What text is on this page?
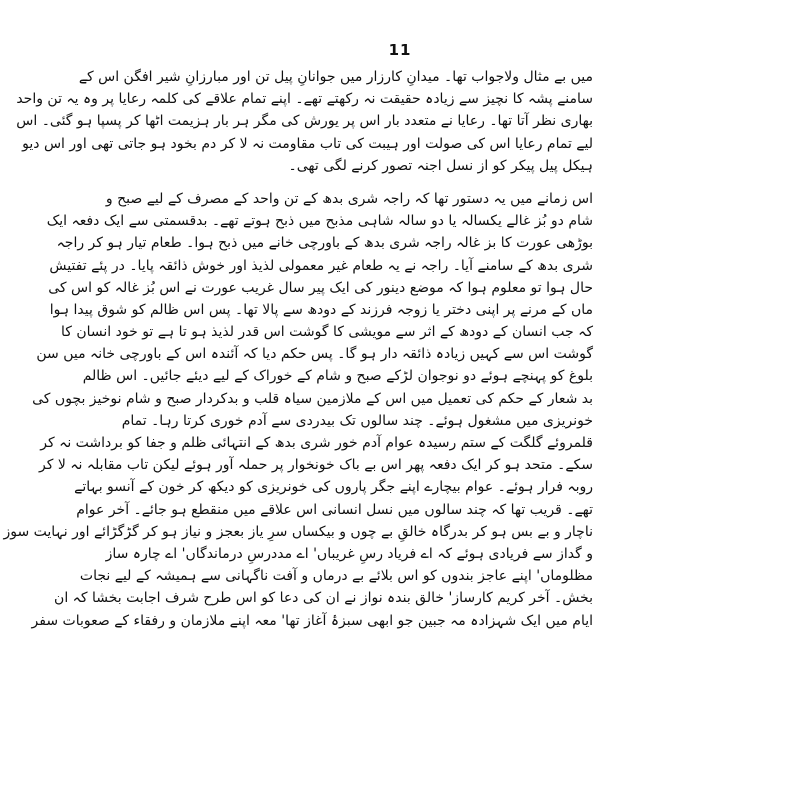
11
میں بے مثال ولاجواب تھا۔ میدانِ کارزار میں جوانانِ پیل تن اور مبارزانِ شیر افگن اس کے
سامنے پشہ کا نچیز سے زیادہ حقیقت نہ رکھتے تھے۔ اپنے تمام علاقے کی کلمہ رعایا پر وہ یہ تن واحد
بھاری نظر آتا تھا۔ رعایا نے متعدد بار اس پر یورش کی مگر ہر بار ہزیمت اٹھا کر پسپا ہو گئی۔ اس
لیے تمام رعایا اس کی صولت اور ہیبت کی تاب مقاومت نہ لا کر دم بخود ہو جاتی تھی اور اس دیو
ہیکل پیل پیکر کو از نسل اجنہ تصور کرنے لگی تھی۔
اس زمانے میں یہ دستور تھا کہ راجہ شری بدھ کے تن واحد کے مصرف کے لیے صبح و
شام دو بُز غالے یکسالہ یا دو سالہ شاہی مذبح میں ذبح ہوتے تھے۔ بدقسمتی سے ایک دفعہ ایک
بوڑھی عورت کا بز غالہ راجہ شری بدھ کے باورچی خانے میں ذبح ہوا۔ طعام تیار ہو کر راجہ
شری بدھ کے سامنے آیا۔ راجہ نے یہ طعام غیر معمولی لذیذ اور خوش ذائقہ پایا۔ در پئے تفتیش
حال ہوا تو معلوم ہوا کہ موضع دینور کی ایک پیر سال غریب عورت نے اس بُز غالہ کو اس کی
ماں کے مرنے پر اپنی دختر یا زوجہ فرزند کے دودھ سے پالا تھا۔ پس اس ظالم کو شوق پیدا ہوا
کہ جب انسان کے دودھ کے اثر سے مویشی کا گوشت اس قدر لذیذ ہو تا ہے تو خود انسان کا
گوشت اس سے کہیں زیادہ ذائقہ دار ہو گا۔ پس حکم دیا کہ آئندہ اس کے باورچی خانہ میں سن
بلوغ کو پہنچے ہوئے دو نوجوان لڑکے صبح و شام کے خوراک کے لیے دیئے جائیں۔ اس ظالم
بد شعار کے حکم کی تعمیل میں اس کے ملازمین سیاہ قلب و بدکردار صبح و شام نوخیز بچوں کی
خونریزی میں مشغول ہوئے۔ چند سالوں تک بیدردی سے آدم خوری کرتا رہا۔ تمام
قلمروئے گلگت کے ستم رسیدہ عوام آدم خور شری بدھ کے انتہائی ظلم و جفا کو برداشت نہ کر
سکے۔ متحد ہو کر ایک دفعہ پھر اس بے باک خونخوار پر حملہ آور ہوئے لیکن تاب مقابلہ نہ لا کر
روبہ فرار ہوئے۔ عوام بیچارے اپنے جگر پاروں کی خونریزی کو دیکھ کر خون کے آنسو بہاتے
تھے۔ قریب تھا کہ چند سالوں میں نسل انسانی اس علاقے میں منقطع ہو جائے۔ آخر عوام
ناچار و بے بس ہو کر بدرگاہ خالقِ بے چوں و بیکساں سرِ یاز بعجز و نیاز ہو کر گڑگڑائے اور نہایت سوز
و گداز سے فریادی ہوئے کہ اے فریاد رسِ غریباں' اے مددرسِ درماندگاں' اے چارہ ساز
مظلوماں' اپنے عاجز بندوں کو اس بلائے بے درماں و آفت ناگہانی سے ہمیشہ کے لیے نجات
بخش۔ آخر کریم کارساز' خالق بندہ نواز نے ان کی دعا کو اس طرح شرف اجابت بخشا کہ ان
ایام میں ایک شہزادہ مہ جبین جو ابھی سبزۂ آغاز تھا' معہ اپنے ملازمان و رفقاء کے صعوبات سفر
